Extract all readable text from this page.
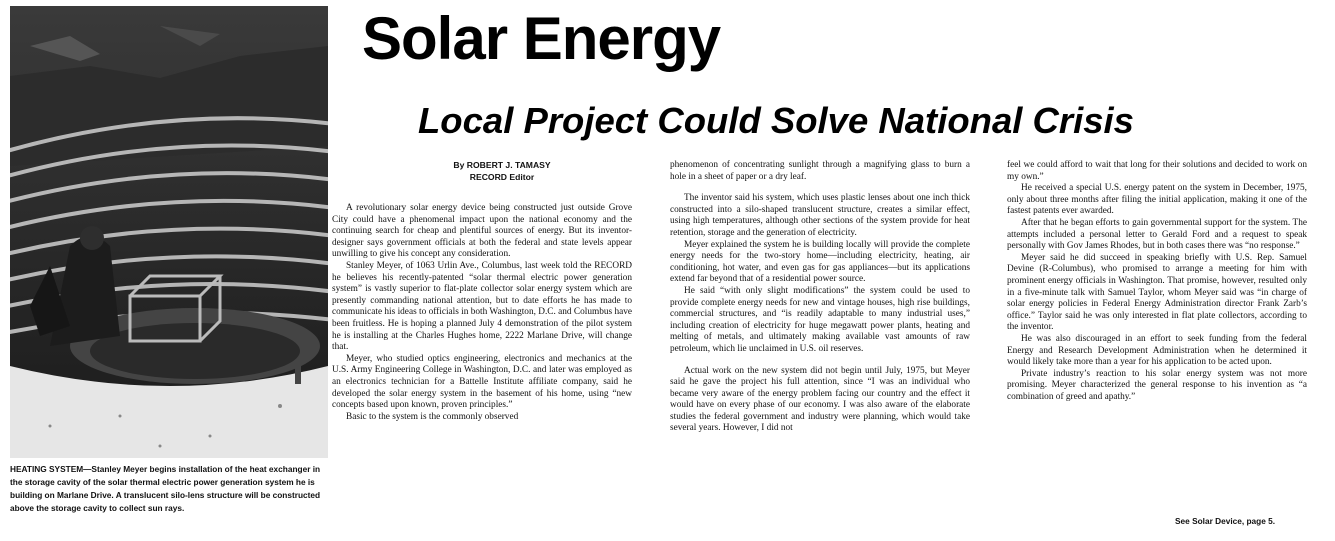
HEATING SYSTEM—Stanley Meyer begins installation of the heat exchanger in the storage cavity of the solar thermal electric power generation system he is building on Marlane Drive. A translucent silo-lens structure will be constructed above the storage cavity to collect sun rays.

Solar Energy
Local Project Could Solve National Crisis
By ROBERT J. TAMASY
RECORD Editor

A revolutionary solar energy device being constructed just outside Grove City could have a phenomenal impact upon the national economy and the continuing search for cheap and plentiful sources of energy. But its inventor-designer says government officials at both the federal and state levels appear unwilling to give his concept any consideration.

Stanley Meyer, of 1063 Urlin Ave., Columbus, last week told the RECORD he believes his recently-patented “solar thermal electric power generation system” is vastly superior to flat-plate collector solar energy system which are presently commanding national attention, but to date efforts he has made to communicate his ideas to officials in both Washington, D.C. and Columbus have been fruitless. He is hoping a planned July 4 demonstration of the pilot system he is installing at the Charles Hughes home, 2222 Marlane Drive, will change that.

Meyer, who studied optics engineering, electronics and mechanics at the U.S. Army Engineering College in Washington, D.C. and later was employed as an electronics technician for a Battelle Institute affiliate company, said he developed the solar energy system in the basement of his home, using “new concepts based upon known, proven principles.”

Basic to the system is the commonly observed

phenomenon of concentrating sunlight through a magnifying glass to burn a hole in a sheet of paper or a dry leaf.

The inventor said his system, which uses plastic lenses about one inch thick constructed into a silo-shaped translucent structure, creates a similar effect, using high temperatures, although other sections of the system provide for heat retention, storage and the generation of electricity.

Meyer explained the system he is building locally will provide the complete energy needs for the two-story home—including electricity, heating, air conditioning, hot water, and even gas for gas appliances—but its applications extend far beyond that of a residential power source.

He said “with only slight modifications” the system could be used to provide complete energy needs for new and vintage houses, high rise buildings, commercial structures, and “is readily adaptable to many industrial uses,” including creation of electricity for huge megawatt power plants, heating and melting of metals, and ultimately making available vast amounts of raw petroleum, which lie unclaimed in U.S. oil reserves.

Actual work on the new system did not begin until July, 1975, but Meyer said he gave the project his full attention, since “I was an individual who became very aware of the energy problem facing our country and the effect it would have on every phase of our economy. I was also aware of the elaborate studies the federal government and industry were planning, which would take several years. However, I did not

feel we could afford to wait that long for their solutions and decided to work on my own.”

He received a special U.S. energy patent on the system in December, 1975, only about three months after filing the initial application, making it one of the fastest patents ever awarded.

After that he began efforts to gain governmental support for the system. The attempts included a personal letter to Gerald Ford and a request to speak personally with Gov James Rhodes, but in both cases there was “no response.”

Meyer said he did succeed in speaking briefly with U.S. Rep. Samuel Devine (R-Columbus), who promised to arrange a meeting for him with prominent energy officials in Washington. That promise, however, resulted only in a five-minute talk with Samuel Taylor, whom Meyer said was “in charge of solar energy policies in Federal Energy Administration director Frank Zarb’s office.” Taylor said he was only interested in flat plate collectors, according to the inventor.

He was also discouraged in an effort to seek funding from the federal Energy and Research Development Administration when he determined it would likely take more than a year for his application to be acted upon.

Private industry’s reaction to his solar energy system was not more promising. Meyer characterized the general response to his invention as “a combination of greed and apathy.”

See Solar Device, page 5.
